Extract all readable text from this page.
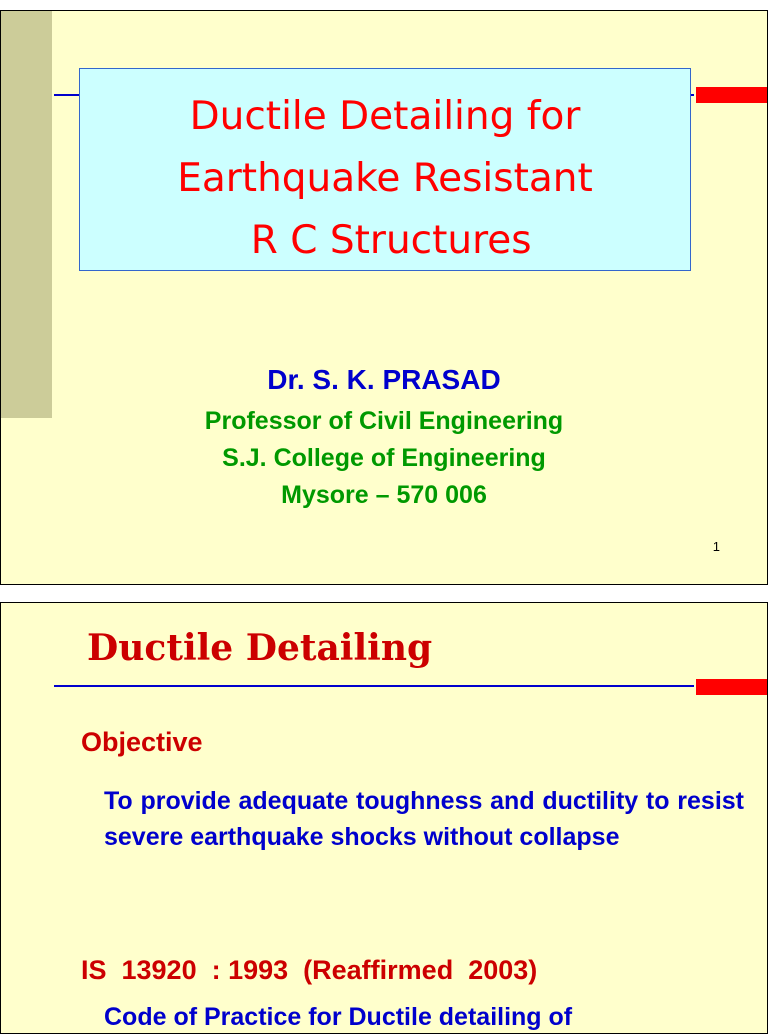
Ductile Detailing for
Earthquake Resistant
R C Structures
Dr. S. K. PRASAD
Professor of Civil Engineering
S.J. College of Engineering
Mysore – 570 006
1
Ductile Detailing
Objective
To provide adequate toughness and ductility to resist severe earthquake shocks without collapse
IS  13920  : 1993  (Reaffirmed  2003)
Code of Practice for Ductile detailing of
